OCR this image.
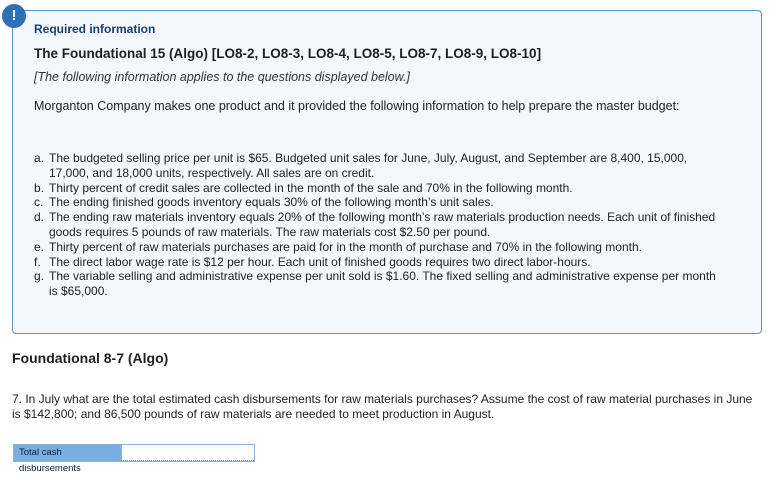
!

Required information

The Foundational 15 (Algo) [LO8-2, LO8-3, LO8-4, LO8-5, LO8-7, LO8-9, LO8-10]

[The following information applies to the questions displayed below.]

Morganton Company makes one product and it provided the following information to help prepare the master budget:

a. The budgeted selling price per unit is $65. Budgeted unit sales for June, July, August, and September are 8,400, 15,000, 17,000, and 18,000 units, respectively. All sales are on credit.
b. Thirty percent of credit sales are collected in the month of the sale and 70% in the following month.
c. The ending finished goods inventory equals 30% of the following month’s unit sales.
d. The ending raw materials inventory equals 20% of the following month’s raw materials production needs. Each unit of finished goods requires 5 pounds of raw materials. The raw materials cost $2.50 per pound.
e. Thirty percent of raw materials purchases are paid for in the month of purchase and 70% in the following month.
f. The direct labor wage rate is $12 per hour. Each unit of finished goods requires two direct labor-hours.
g. The variable selling and administrative expense per unit sold is $1.60. The fixed selling and administrative expense per month is $65,000.

Foundational 8-7 (Algo)

7. In July what are the total estimated cash disbursements for raw materials purchases? Assume the cost of raw material purchases in June is $142,800; and 86,500 pounds of raw materials are needed to meet production in August.

Total cash disbursements
